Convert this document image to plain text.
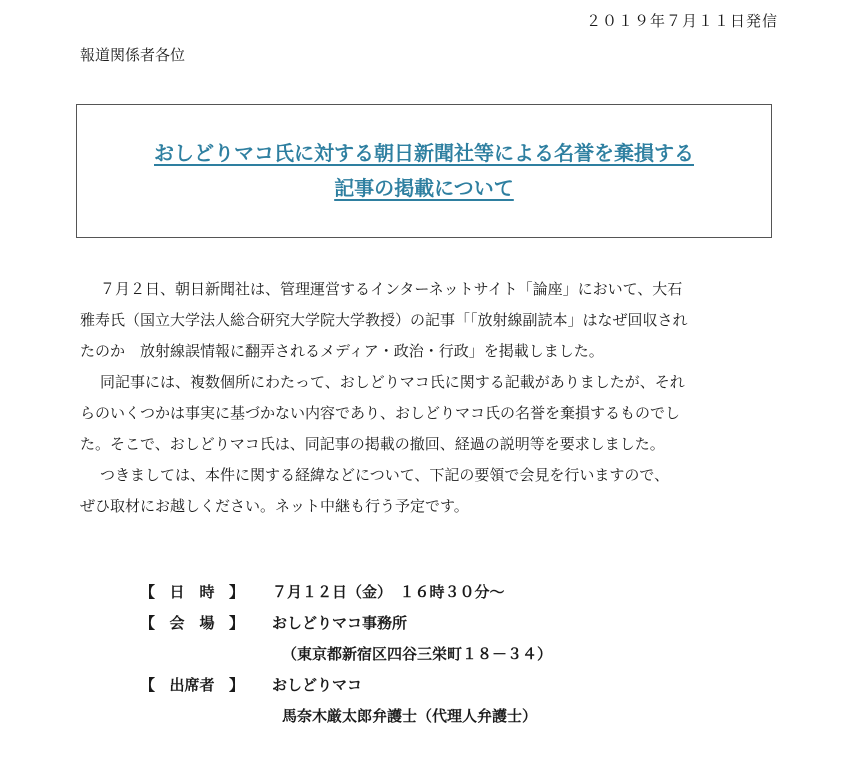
２０１９年７月１１日発信
報道関係者各位
おしどりマコ氏に対する朝日新聞社等による名誉を棄損する
記事の掲載について

７月２日、朝日新聞社は、管理運営するインターネットサイト「論座」において、大石

雅寿氏（国立大学法人総合研究大学院大学教授）の記事「「放射線副読本」はなぜ回収され

たのか　放射線誤情報に翻弄されるメディア・政治・行政」を掲載しました。

同記事には、複数個所にわたって、おしどりマコ氏に関する記載がありましたが、それ

らのいくつかは事実に基づかない内容であり、おしどりマコ氏の名誉を棄損するものでし

た。そこで、おしどりマコ氏は、同記事の掲載の撤回、経過の説明等を要求しました。

つきましては、本件に関する経緯などについて、下記の要領で会見を行いますので、

ぜひ取材にお越しください。ネット中継も行う予定です。

【 日　時 】 ７月１２日（金）　１６時３０分～
【 会　場 】 おしどりマコ事務所
（東京都新宿区四谷三栄町１８－３４）
【 出席者 】 おしどりマコ
馬奈木厳太郎弁護士（代理人弁護士）
